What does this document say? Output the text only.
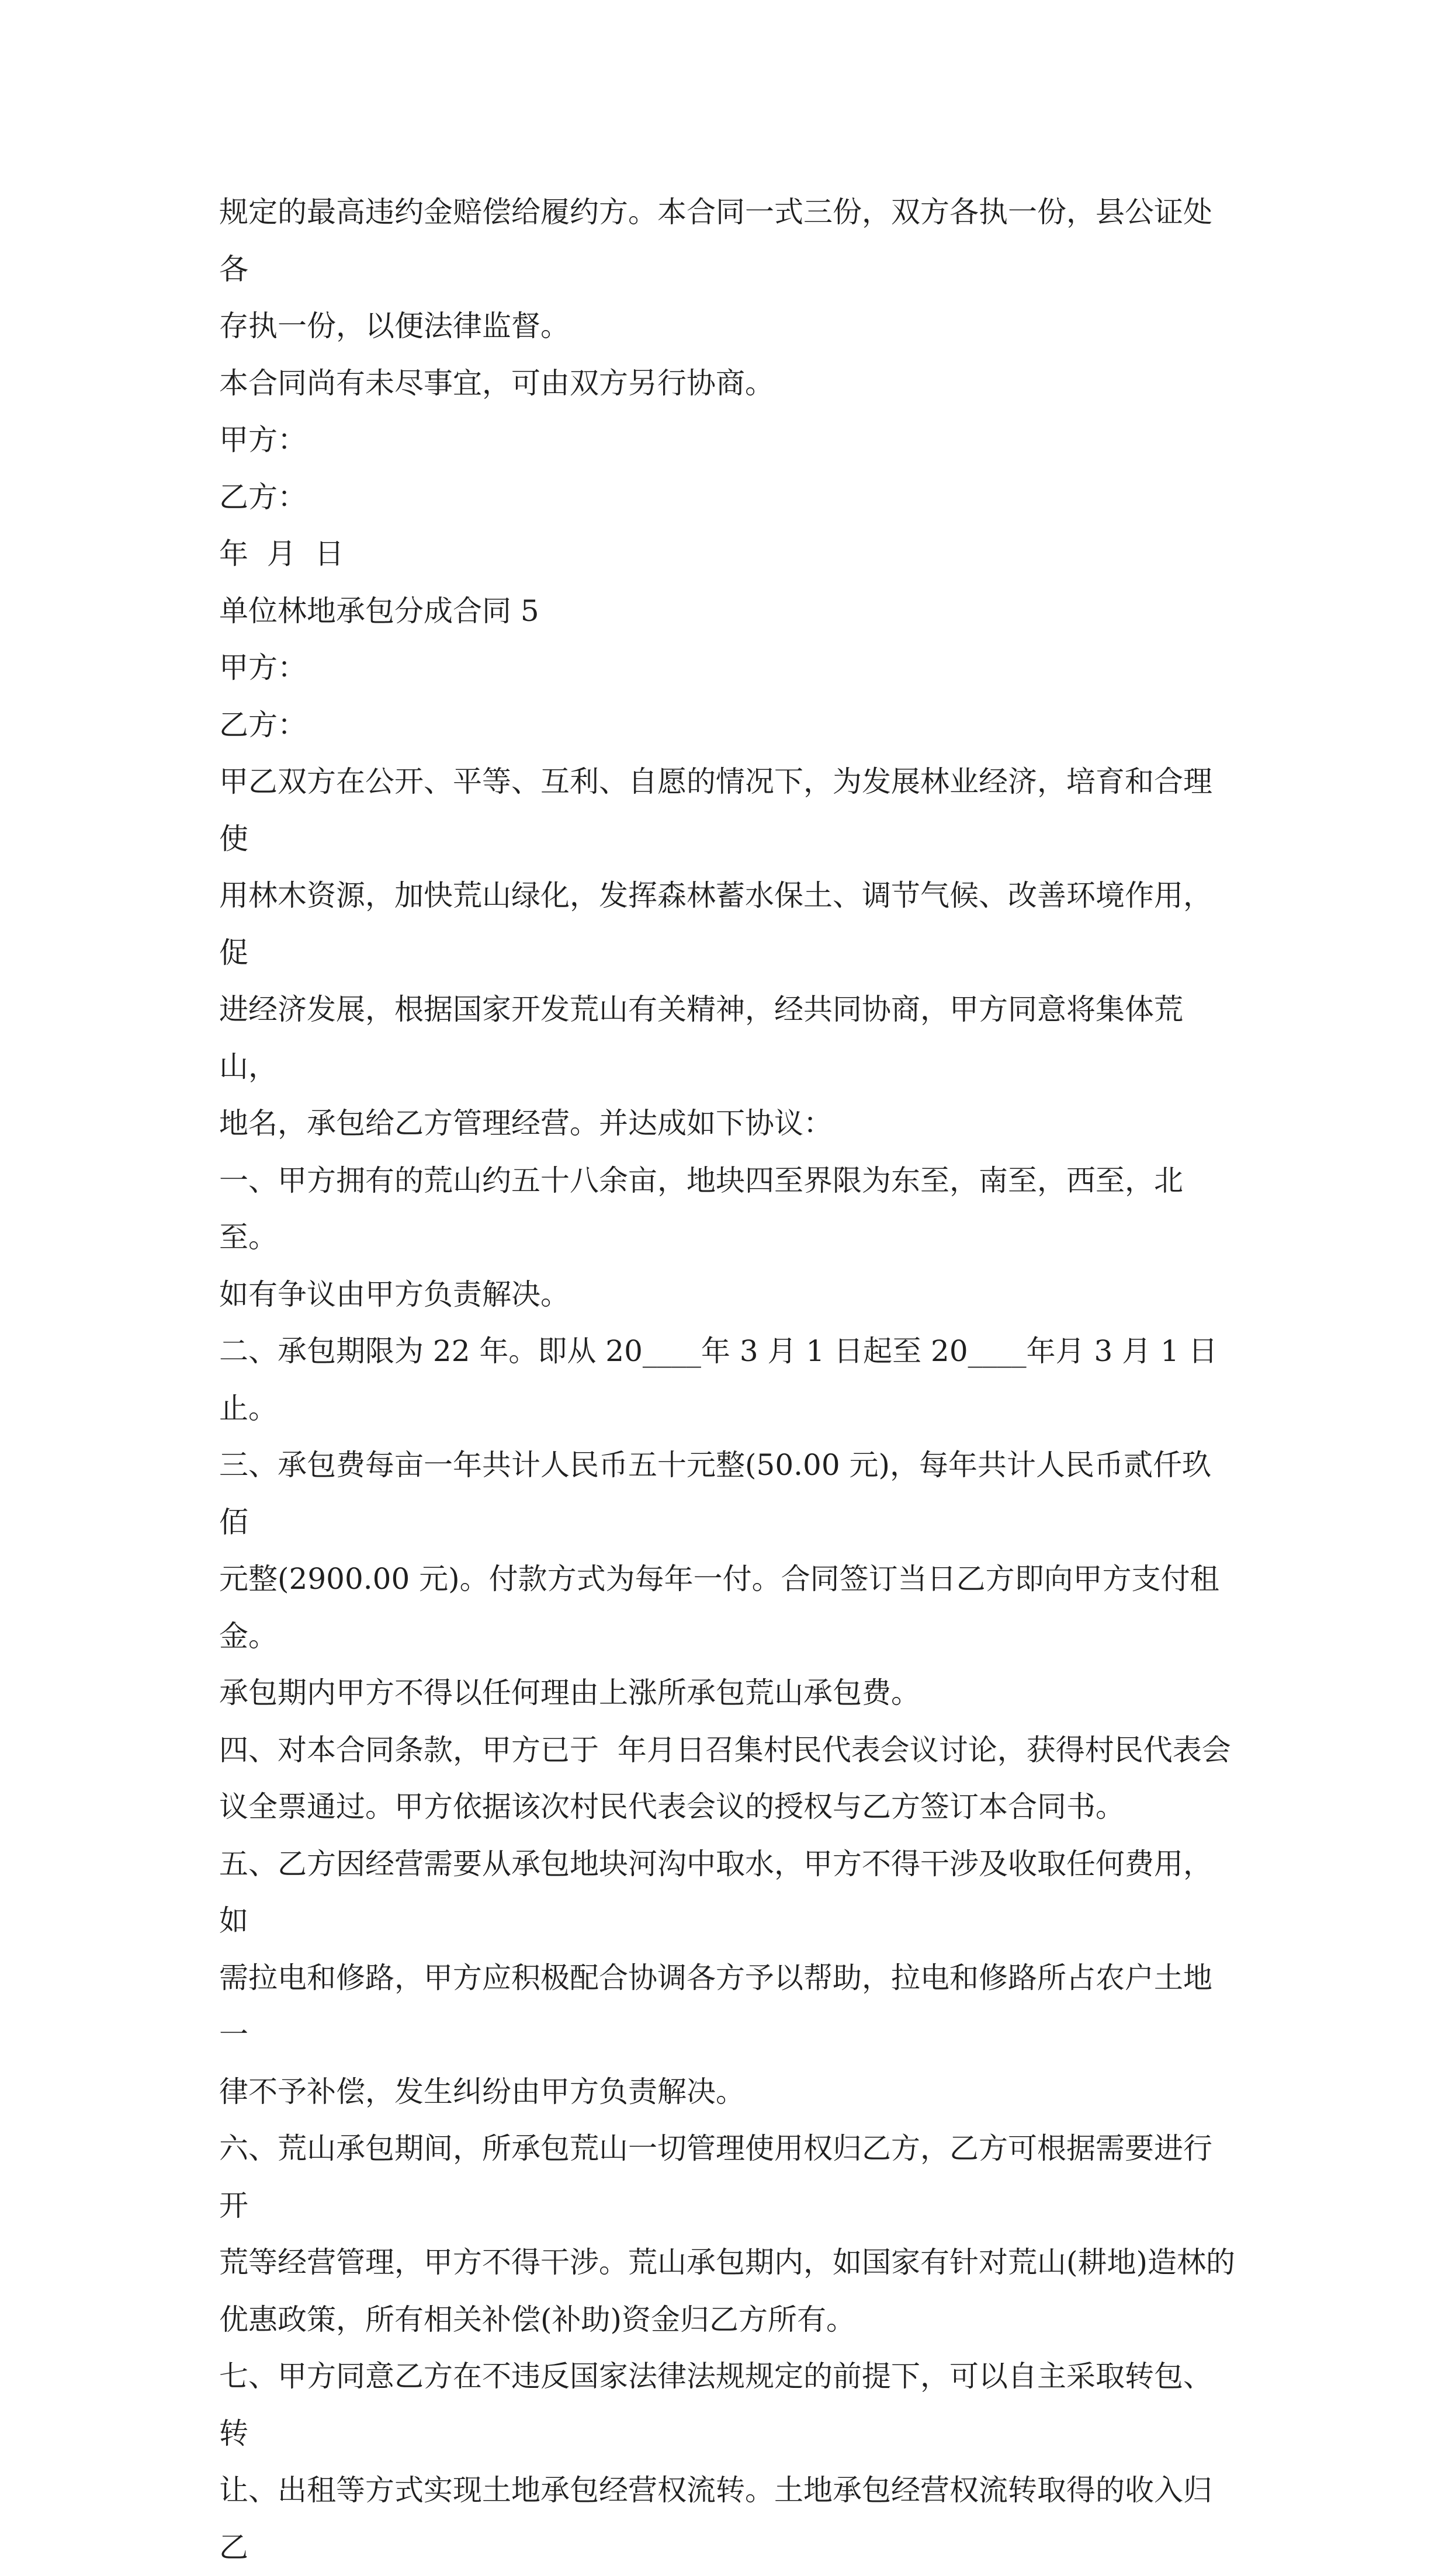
规定的最高违约金赔偿给履约方。本合同一式三份，双方各执一份，县公证处各

存执一份，以便法律监督。

本合同尚有未尽事宜，可由双方另行协商。

甲方：

乙方：

年  月  日

单位林地承包分成合同 5

甲方：

乙方：

甲乙双方在公开、平等、互利、自愿的情况下，为发展林业经济，培育和合理使

用林木资源，加快荒山绿化，发挥森林蓄水保土、调节气候、改善环境作用，促

进经济发展，根据国家开发荒山有关精神，经共同协商，甲方同意将集体荒山，

地名，承包给乙方管理经营。并达成如下协议：

一、甲方拥有的荒山约五十八余亩，地块四至界限为东至，南至，西至，北至。

如有争议由甲方负责解决。

二、承包期限为 22 年。即从 20____年 3 月 1 日起至 20____年月 3 月 1 日止。

三、承包费每亩一年共计人民币五十元整(50.00 元)，每年共计人民币贰仟玖佰

元整(2900.00 元)。付款方式为每年一付。合同签订当日乙方即向甲方支付租金。

承包期内甲方不得以任何理由上涨所承包荒山承包费。

四、对本合同条款，甲方已于  年月日召集村民代表会议讨论，获得村民代表会

议全票通过。甲方依据该次村民代表会议的授权与乙方签订本合同书。

五、乙方因经营需要从承包地块河沟中取水，甲方不得干涉及收取任何费用，如

需拉电和修路，甲方应积极配合协调各方予以帮助，拉电和修路所占农户土地一

律不予补偿，发生纠纷由甲方负责解决。

六、荒山承包期间，所承包荒山一切管理使用权归乙方，乙方可根据需要进行开

荒等经营管理，甲方不得干涉。荒山承包期内，如国家有针对荒山(耕地)造林的

优惠政策，所有相关补偿(补助)资金归乙方所有。

七、甲方同意乙方在不违反国家法律法规规定的前提下，可以自主采取转包、转

让、出租等方式实现土地承包经营权流转。土地承包经营权流转取得的收入归乙
